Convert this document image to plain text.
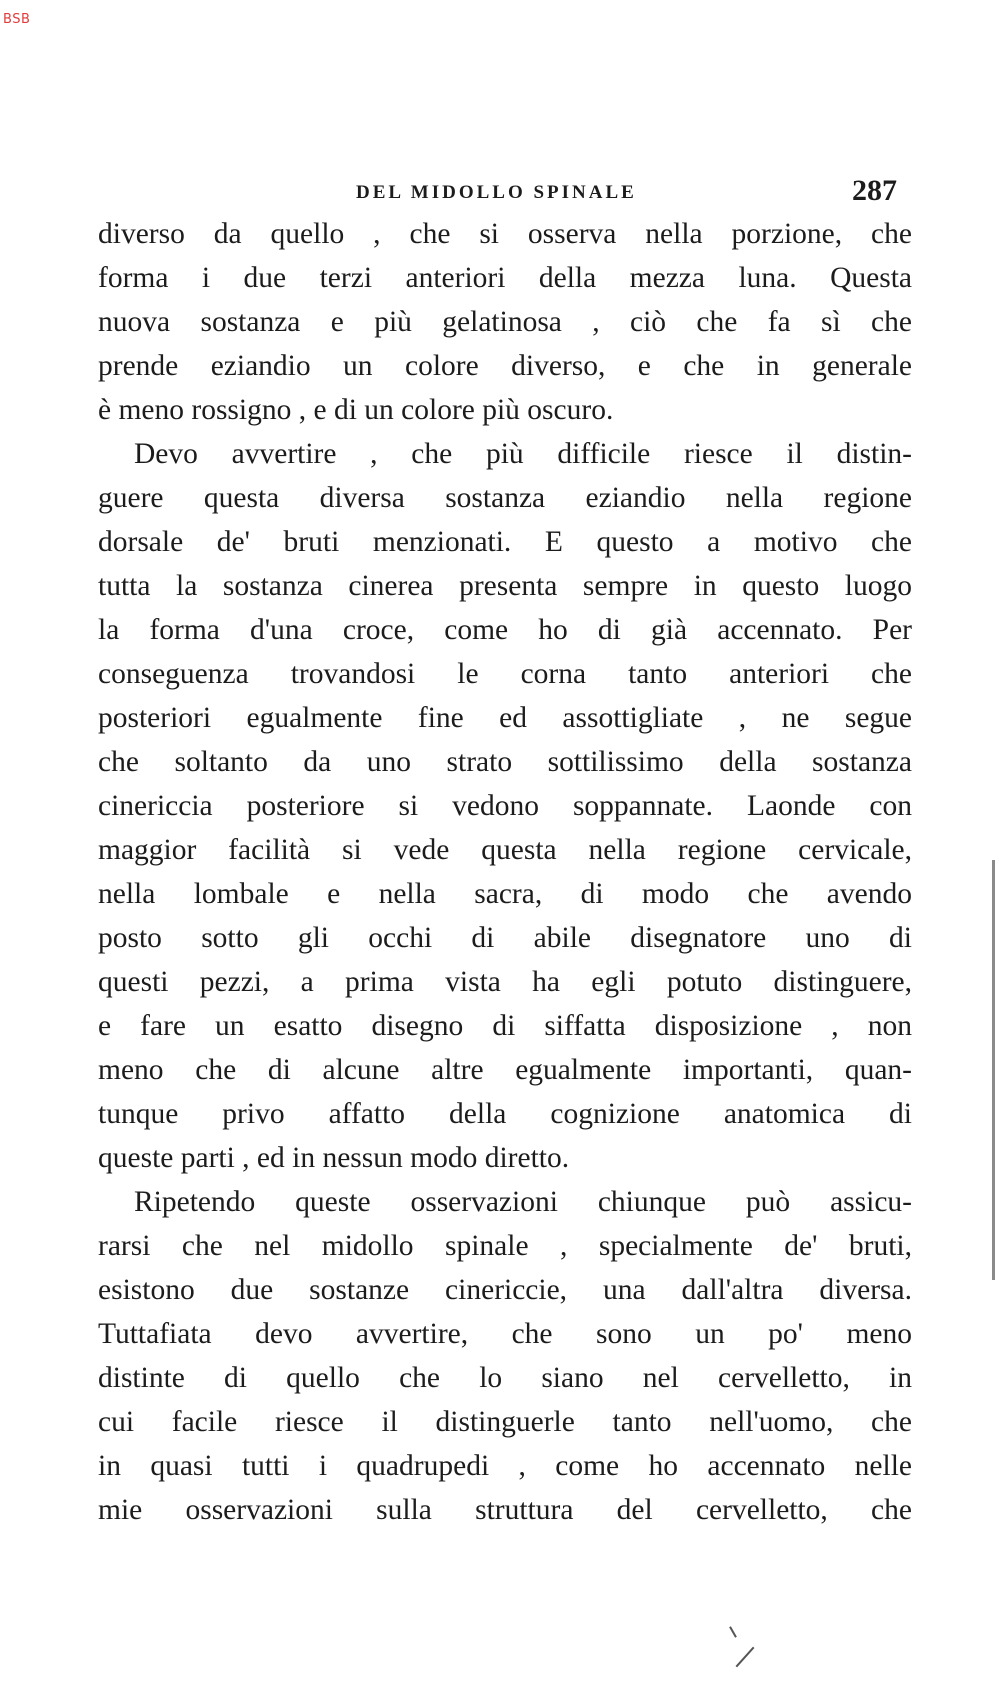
BSB
DEL MIDOLLO SPINALE	287
diverso da quello , che si osserva nella porzione, che
forma i due terzi anteriori della mezza luna. Questa
nuova sostanza e più gelatinosa , ciò che fa sì che
prende eziandio un colore diverso, e che in generale
è meno rossigno , e di un colore più oscuro.
Devo avvertire , che più difficile riesce il distin-
guere questa diversa sostanza eziandio nella regione
dorsale de' bruti menzionati. E questo a motivo che
tutta la sostanza cinerea presenta sempre in questo luogo
la forma d'una croce, come ho di già accennato. Per
conseguenza trovandosi le corna tanto anteriori che
posteriori egualmente fine ed assottigliate , ne segue
che soltanto da uno strato sottilissimo della sostanza
cinericcia posteriore si vedono soppannate. Laonde con
maggior facilità si vede questa nella regione cervicale,
nella lombale e nella sacra, di modo che avendo
posto sotto gli occhi di abile disegnatore uno di
questi pezzi, a prima vista ha egli potuto distinguere,
e fare un esatto disegno di siffatta disposizione , non
meno che di alcune altre egualmente importanti, quan-
tunque privo affatto della cognizione anatomica di
queste parti , ed in nessun modo diretto.
Ripetendo queste osservazioni chiunque può assicu-
rarsi che nel midollo spinale , specialmente de' bruti,
esistono due sostanze cinericcie, una dall'altra diversa.
Tuttafiata devo avvertire, che sono un po' meno
distinte di quello che lo siano nel cervelletto, in
cui facile riesce il distinguerle tanto nell'uomo, che
in quasi tutti i quadrupedi , come ho accennato nelle
mie osservazioni sulla struttura del cervelletto, che
